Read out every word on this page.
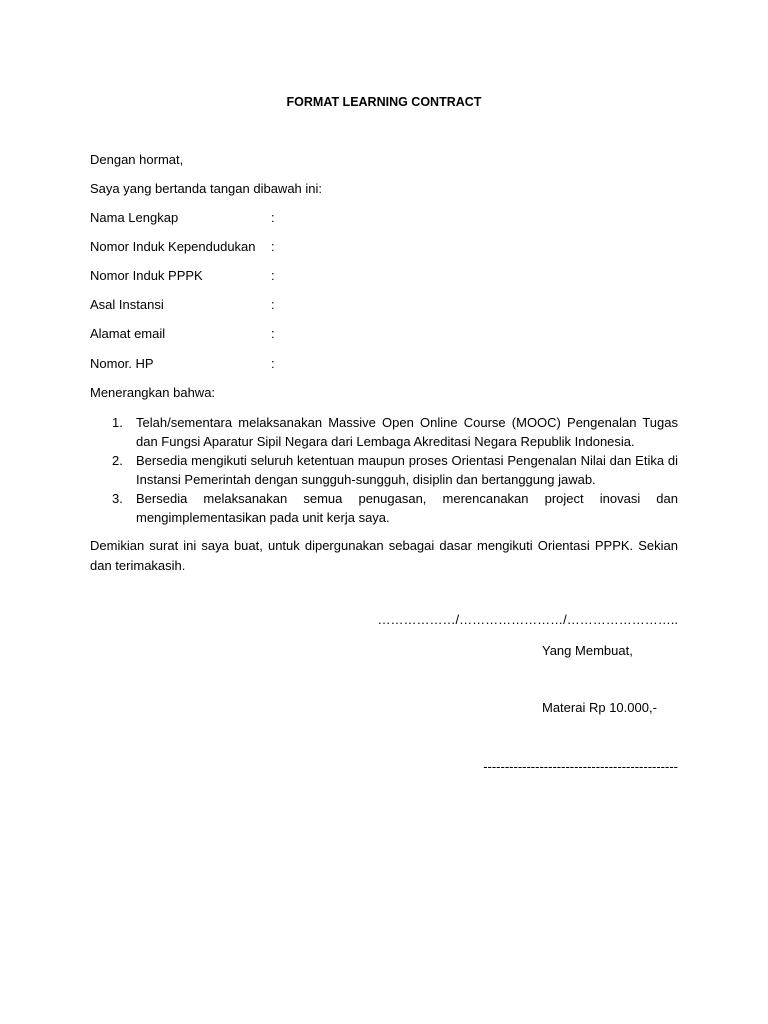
FORMAT LEARNING CONTRACT
Dengan hormat,
Saya yang bertanda tangan dibawah ini:
Nama Lengkap	:
Nomor Induk Kependudukan :
Nomor Induk PPPK	:
Asal Instansi	:
Alamat email	:
Nomor. HP	:
Menerangkan bahwa:
1. Telah/sementara melaksanakan Massive Open Online Course (MOOC) Pengenalan Tugas dan Fungsi Aparatur Sipil Negara dari Lembaga Akreditasi Negara Republik Indonesia.
2. Bersedia mengikuti seluruh ketentuan maupun proses Orientasi Pengenalan Nilai dan Etika di Instansi Pemerintah dengan sungguh-sungguh, disiplin dan bertanggung jawab.
3. Bersedia melaksanakan semua penugasan, merencanakan project inovasi dan mengimplementasikan pada unit kerja saya.
Demikian surat ini saya buat, untuk dipergunakan sebagai dasar mengikuti Orientasi PPPK. Sekian dan terimakasih.
………………/……………………/……………………..
Yang Membuat,
Materai Rp 10.000,-
---------------------------------------------
